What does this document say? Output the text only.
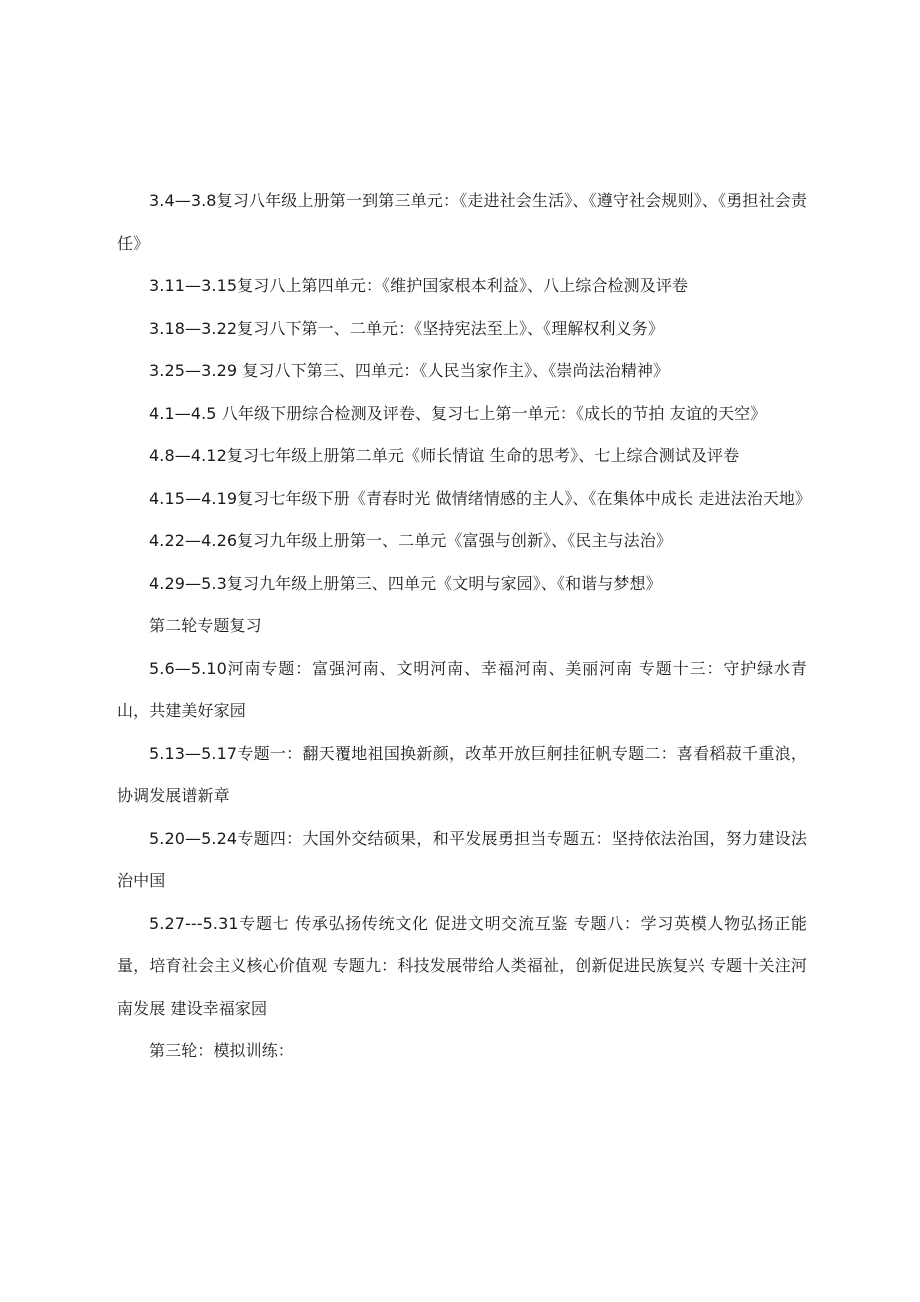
3.4—3.8复习八年级上册第一到第三单元：《走进社会生活》、《遵守社会规则》、《勇担社会责任》

3.11—3.15复习八上第四单元：《维护国家根本利益》、八上综合检测及评卷

3.18—3.22复习八下第一、二单元：《坚持宪法至上》、《理解权利义务》

3.25—3.29 复习八下第三、四单元：《人民当家作主》、《崇尚法治精神》

4.1—4.5 八年级下册综合检测及评卷、复习七上第一单元：《成长的节拍 友谊的天空》

4.8—4.12复习七年级上册第二单元《师长情谊 生命的思考》、七上综合测试及评卷

4.15—4.19复习七年级下册《青春时光 做情绪情感的主人》、《在集体中成长 走进法治天地》

4.22—4.26复习九年级上册第一、二单元《富强与创新》、《民主与法治》

4.29—5.3复习九年级上册第三、四单元《文明与家园》、《和谐与梦想》

第二轮专题复习

5.6—5.10河南专题：富强河南、文明河南、幸福河南、美丽河南 专题十三：守护绿水青山，共建美好家园

5.13—5.17专题一：翻天覆地祖国换新颜，改革开放巨舸挂征帆专题二：喜看稻菽千重浪，协调发展谱新章

5.20—5.24专题四：大国外交结硕果，和平发展勇担当专题五：坚持依法治国，努力建设法治中国

5.27---5.31专题七 传承弘扬传统文化 促进文明交流互鉴 专题八：学习英模人物弘扬正能量，培育社会主义核心价值观 专题九：科技发展带给人类福祉，创新促进民族复兴 专题十关注河南发展 建设幸福家园

第三轮：模拟训练：
